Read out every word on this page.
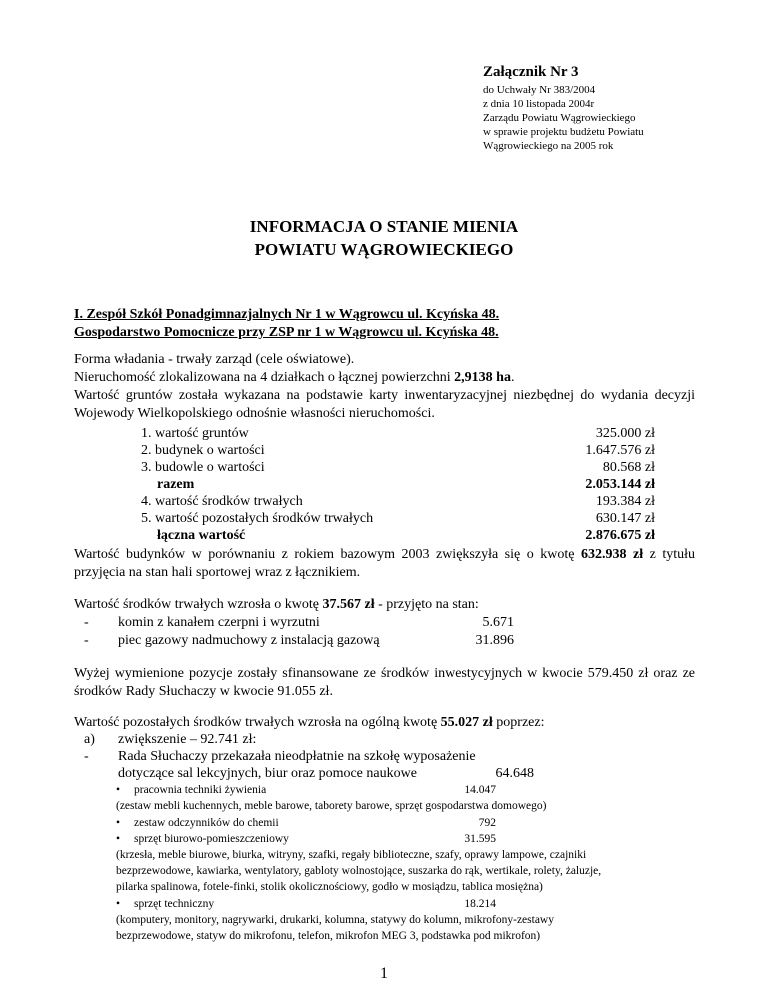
Załącznik Nr 3
do Uchwały Nr 383/2004
z dnia 10 listopada 2004r
Zarządu Powiatu Wągrowieckiego
w sprawie projektu budżetu Powiatu
Wągrowieckiego na 2005 rok
INFORMACJA O STANIE MIENIA
POWIATU WĄGROWIECKIEGO
I. Zespół Szkół Ponadgimnazjalnych Nr 1 w Wągrowcu ul. Kcyńska 48.
Gospodarstwo Pomocnicze przy ZSP nr 1 w Wągrowcu ul. Kcyńska 48.
Forma władania - trwały zarząd (cele oświatowe).
Nieruchomość zlokalizowana na 4 działkach o łącznej powierzchni 2,9138 ha.
Wartość gruntów została wykazana na podstawie karty inwentaryzacyjnej niezbędnej do wydania decyzji Wojewody Wielkopolskiego odnośnie własności nieruchomości.
1. wartość gruntów	325.000 zł
2. budynek o wartości	1.647.576 zł
3. budowle o wartości	80.568 zł
razem	2.053.144 zł
4. wartość środków trwałych	193.384 zł
5. wartość pozostałych środków trwałych	630.147 zł
łączna wartość	2.876.675 zł
Wartość budynków w porównaniu z rokiem bazowym 2003 zwiększyła się o kwotę 632.938 zł z tytułu przyjęcia na stan hali sportowej wraz z łącznikiem.
Wartość środków trwałych wzrosła o kwotę 37.567 zł - przyjęto na stan:
- komin z kanałem czerpni i wyrzutni	5.671
- piec gazowy nadmuchowy z instalacją gazową	31.896
Wyżej wymienione pozycje zostały sfinansowane ze środków inwestycyjnych w kwocie 579.450 zł oraz ze środków Rady Słuchaczy w kwocie 91.055 zł.
Wartość pozostałych środków trwałych wzrosła na ogólną kwotę 55.027 zł poprzez:
a) zwiększenie – 92.741 zł:
- Rada Słuchaczy przekazała nieodpłatnie na szkołę wyposażenie
dotyczące sal lekcyjnych, biur oraz pomoce naukowe	64.648
• pracownia techniki żywienia	14.047
(zestaw mebli kuchennych, meble barowe, taborety barowe, sprzęt gospodarstwa domowego)
• zestaw odczynników do chemii	792
• sprzęt biurowo-pomieszczeniowy	31.595
(krzesła, meble biurowe, biurka, witryny, szafki, regały biblioteczne, szafy, oprawy lampowe, czajniki
bezprzewodowe, kawiarka, wentylatory, gabloty wolnostojące, suszarka do rąk, wertikale, rolety, żaluzje,
pilarka spalinowa, fotele-finki, stolik okolicznościowy, godło w mosiądzu, tablica mosiężna)
• sprzęt techniczny	18.214
(komputery, monitory, nagrywarki, drukarki, kolumna, statywy do kolumn, mikrofony-zestawy
bezprzewodowe, statyw do mikrofonu, telefon, mikrofon MEG 3, podstawka pod mikrofon)
1
